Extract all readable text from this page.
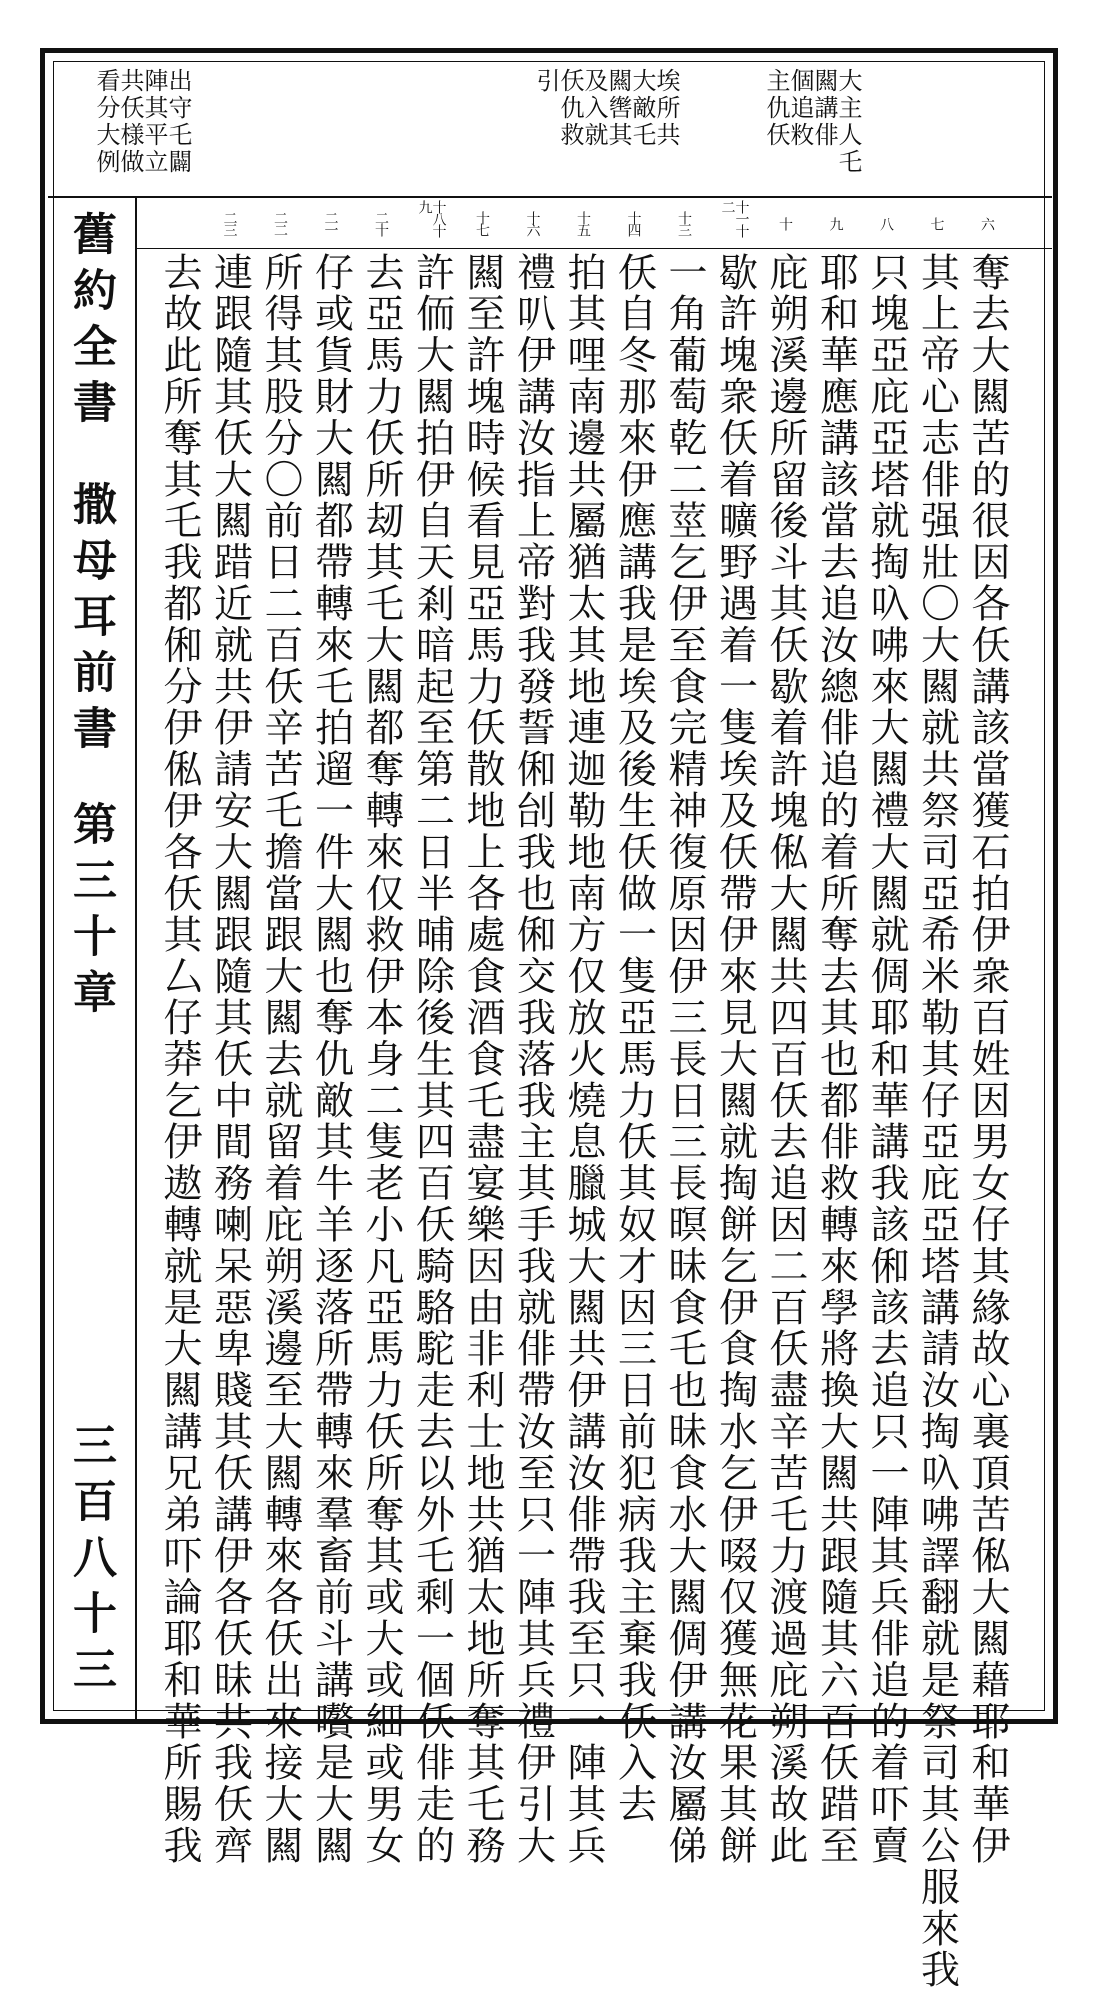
大主人乇
闗講俳
個追敉
主仇仸
埃所共
大敵乇
闗辔其
及入就
仸仇救
引
出守乇闢
陣其平立
共仸様做
看分大例
舊約全書
撒母耳前書
第三十章
三百八十三
六
奪去大闗苦的很因各仸講該當獲石拍伊衆百姓因男女仔其緣故心裏頂苦俬大闗藉耶和華伊
七
其上帝心志俳强壯〇大闗就共祭司亞希米勒其仔亞庇亞塔講請汝掏叺咈譯翻就是祭司其公服來我
八
只塊亞庇亞塔就掏叺咈來大闗禮大闗就倜耶和華講我該俰該去追只一陣其兵俳追的着吓賣
九
耶和華應講該當去追汝總俳追的着所奪去其也都俳救轉來學將換大闗共跟隨其六百仸踖至
十
庇朔溪邊所留後斗其仸歇着許塊俬大闗共四百仸去追因二百仸盡辛苦乇力渡過庇朔溪故此
十一十二
歇許塊衆仸着曠野遇着一隻埃及仸帶伊來見大闗就掏餅乞伊食掏水乞伊啜仅獲無花果其餅
十三
一角葡萄乾二莖乞伊至食完精神復原因伊三長日三長暝昧食乇也昧食水大闗倜伊講汝屬俤
十四
仸自冬那來伊應講我是埃及後生仸做一隻亞馬力仸其奴才因三日前犯病我主棄我仸入去
十五
拍其哩南邊共屬猶太其地連迦勒地南方仅放火燒息臘城大闗共伊講汝俳帶我至只一陣其兵
十六
禮叭伊講汝指上帝對我發誓俰刣我也俰交我落我主其手我就俳帶汝至只一陣其兵禮伊引大
十七
闗至許塊時候看見亞馬力仸散地上各處食酒食乇盡宴樂因由非利士地共猶太地所奪其乇務
十八十九
許侕大闗拍伊自天剎暗起至第二日半晡除後生其四百仸騎駱駝走去以外乇剩一個仸俳走的
二十
去亞馬力仸所刼其乇大闗都奪轉來仅救伊本身二隻老小凡亞馬力仸所奪其或大或細或男女
二一
仔或貨財大闗都帶轉來乇拍遛一件大闗也奪仇敵其牛羊逐落所帶轉來羣畜前斗講嚽是大闗
二二
所得其股分〇前日二百仸辛苦乇擔當跟大闗去就留着庇朔溪邊至大闗轉來各仸出來接大闗
二三
連跟隨其仸大闗踖近就共伊請安大闗跟隨其仸中間務喇呆惡卑賤其仸講伊各仸昧共我仸齊
去故此所奪其乇我都俰分伊俬伊各仸其厶仔莽乞伊遨轉就是大闗講兄弟吓論耶和華所賜我
